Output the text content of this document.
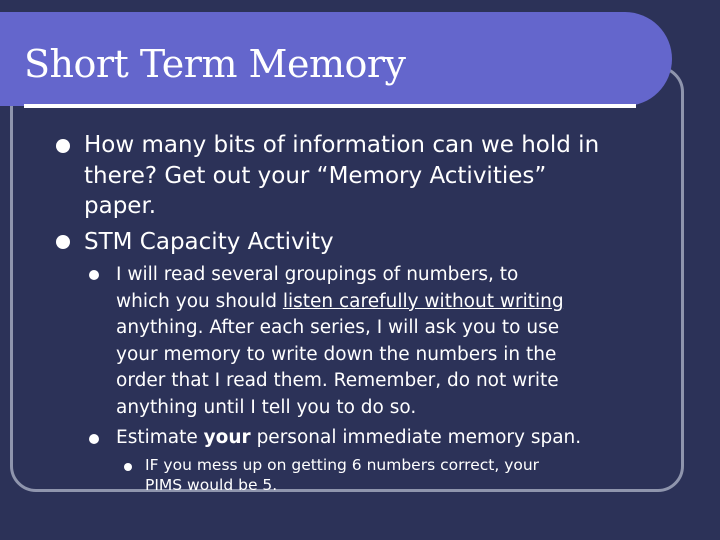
Short Term Memory
How many bits of information can we hold in
there? Get out your “Memory Activities”
paper.
STM Capacity Activity
I will read several groupings of numbers, to
which you should listen carefully without writing
anything. After each series, I will ask you to use
your memory to write down the numbers in the
order that I read them. Remember, do not write
anything until I tell you to do so.
Estimate your personal immediate memory span.
IF you mess up on getting 6 numbers correct, your
PIMS would be 5.
